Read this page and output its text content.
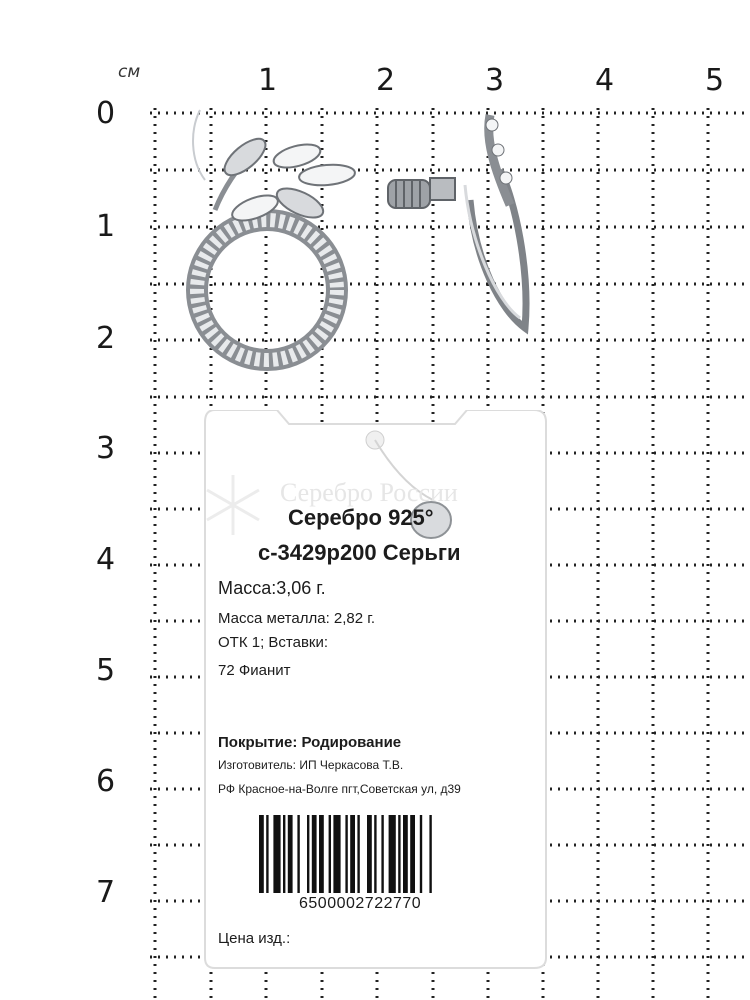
см	1	2	3	4	5
0
1
2
3
4
5
6
7
Серебро России
Серебро 925°
с-3429р200 Серьги
Масса:3,06 г.
Масса металла: 2,82 г.
ОТК 1; Вставки:
72 Фианит
Покрытие: Родирование
Изготовитель: ИП Черкасова Т.В.
РФ Красное-на-Волге пгт,Советская ул, д39
6500002722770
Цена изд.:
